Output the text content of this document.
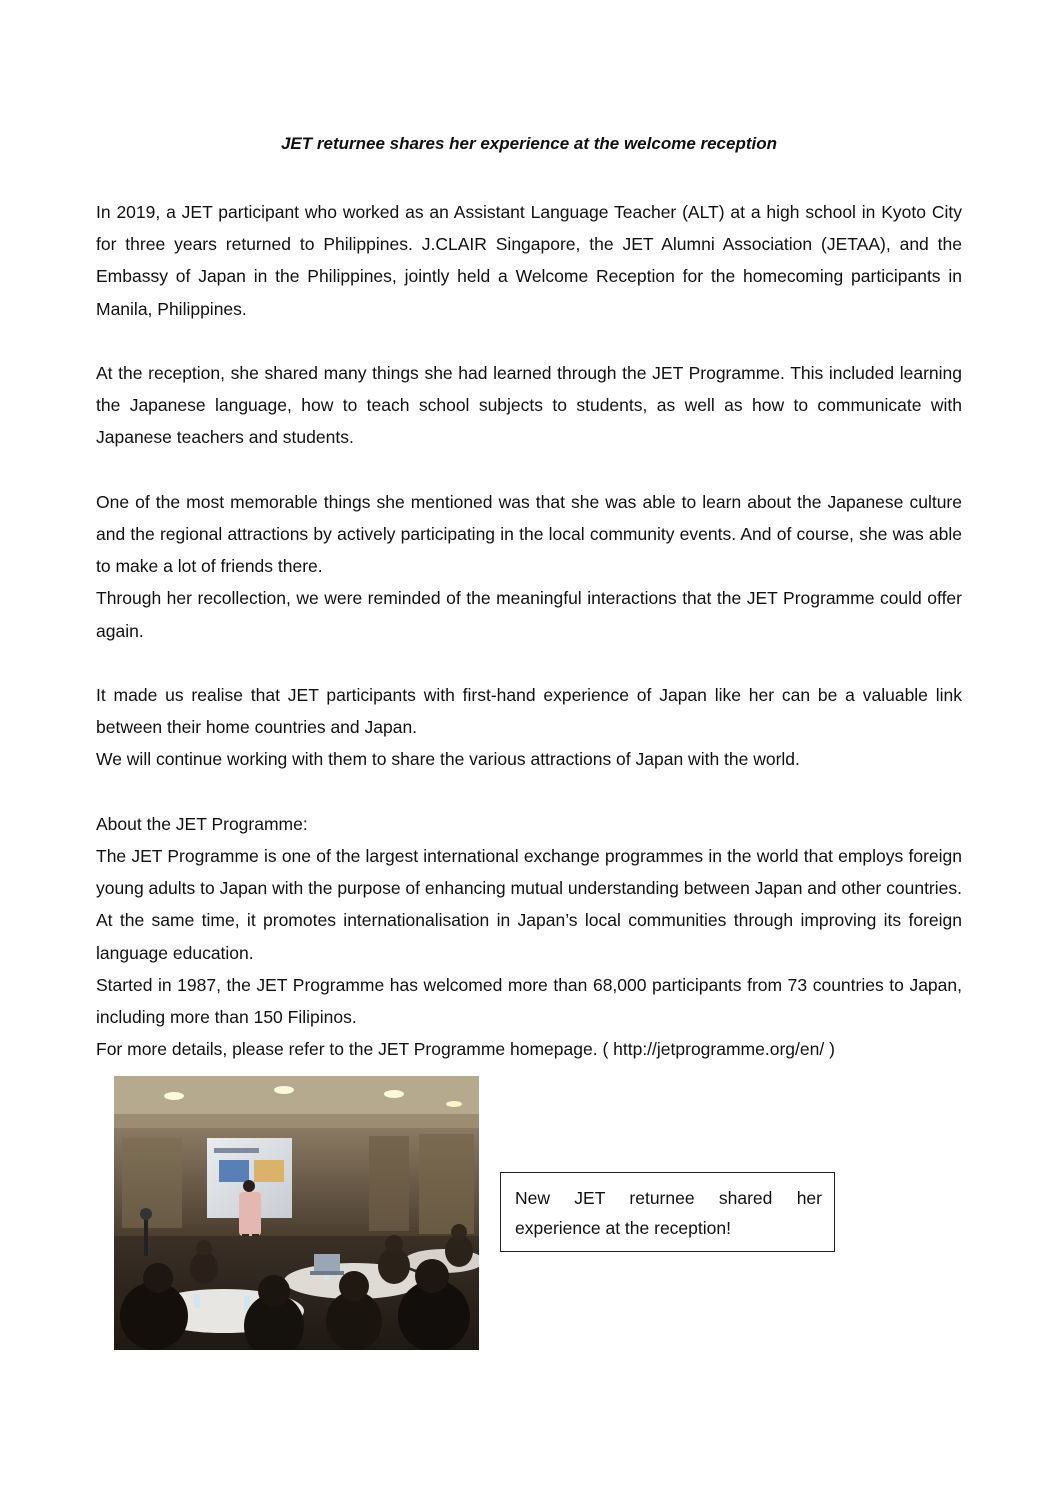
JET returnee shares her experience at the welcome reception

In 2019, a JET participant who worked as an Assistant Language Teacher (ALT) at a high school in Kyoto City for three years returned to Philippines. J.CLAIR Singapore, the JET Alumni Association (JETAA), and the Embassy of Japan in the Philippines, jointly held a Welcome Reception for the homecoming participants in Manila, Philippines.

At the reception, she shared many things she had learned through the JET Programme. This included learning the Japanese language, how to teach school subjects to students, as well as how to communicate with Japanese teachers and students.

One of the most memorable things she mentioned was that she was able to learn about the Japanese culture and the regional attractions by actively participating in the local community events. And of course, she was able to make a lot of friends there.

Through her recollection, we were reminded of the meaningful interactions that the JET Programme could offer again.

It made us realise that JET participants with first-hand experience of Japan like her can be a valuable link between their home countries and Japan.

We will continue working with them to share the various attractions of Japan with the world.

About the JET Programme:

The JET Programme is one of the largest international exchange programmes in the world that employs foreign young adults to Japan with the purpose of enhancing mutual understanding between Japan and other countries. At the same time, it promotes internationalisation in Japan’s local communities through improving its foreign language education.

Started in 1987, the JET Programme has welcomed more than 68,000 participants from 73 countries to Japan, including more than 150 Filipinos.

For more details, please refer to the JET Programme homepage. ( http://jetprogramme.org/en/ )

New JET returnee shared her experience at the reception!
